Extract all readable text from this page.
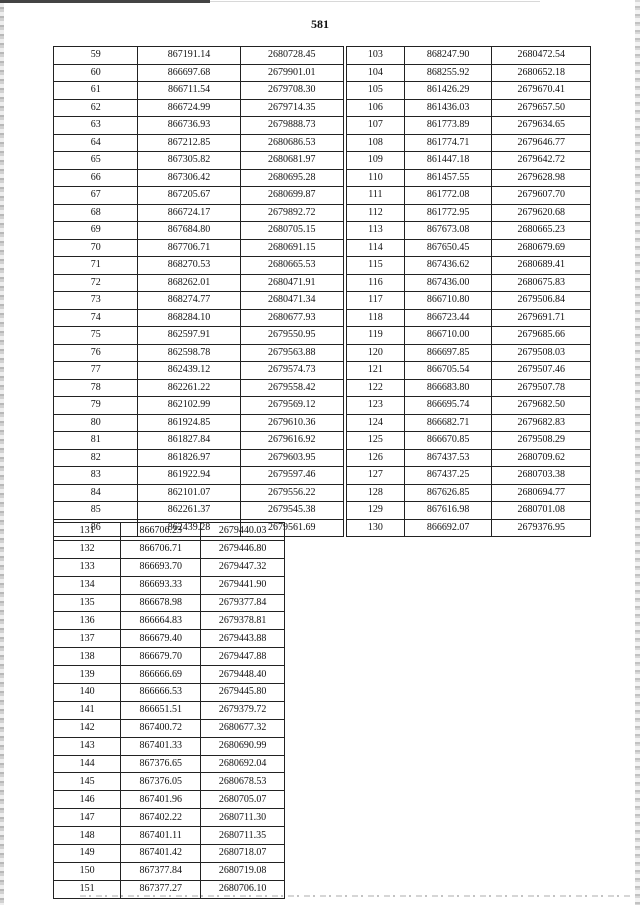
581
59	867191.14	2680728.45
60	866697.68	2679901.01
61	866711.54	2679708.30
62	866724.99	2679714.35
63	866736.93	2679888.73
64	867212.85	2680686.53
65	867305.82	2680681.97
66	867306.42	2680695.28
67	867205.67	2680699.87
68	866724.17	2679892.72
69	867684.80	2680705.15
70	867706.71	2680691.15
71	868270.53	2680665.53
72	868262.01	2680471.91
73	868274.77	2680471.34
74	868284.10	2680677.93
75	862597.91	2679550.95
76	862598.78	2679563.88
77	862439.12	2679574.73
78	862261.22	2679558.42
79	862102.99	2679569.12
80	861924.85	2679610.36
81	861827.84	2679616.92
82	861826.97	2679603.95
83	861922.94	2679597.46
84	862101.07	2679556.22
85	862261.37	2679545.38
86	862439.28	2679561.69
103	868247.90	2680472.54
104	868255.92	2680652.18
105	861426.29	2679670.41
106	861436.03	2679657.50
107	861773.89	2679634.65
108	861774.71	2679646.77
109	861447.18	2679642.72
110	861457.55	2679628.98
111	861772.08	2679607.70
112	861772.95	2679620.68
113	867673.08	2680665.23
114	867650.45	2680679.69
115	867436.62	2680689.41
116	867436.00	2680675.83
117	866710.80	2679506.84
118	866723.44	2679691.71
119	866710.00	2679685.66
120	866697.85	2679508.03
121	866705.54	2679507.46
122	866683.80	2679507.78
123	866695.74	2679682.50
124	866682.71	2679682.83
125	866670.85	2679508.29
126	867437.53	2680709.62
127	867437.25	2680703.38
128	867626.85	2680694.77
129	867616.98	2680701.08
130	866692.07	2679376.95
131	866706.23	2679440.03
132	866706.71	2679446.80
133	866693.70	2679447.32
134	866693.33	2679441.90
135	866678.98	2679377.84
136	866664.83	2679378.81
137	866679.40	2679443.88
138	866679.70	2679447.88
139	866666.69	2679448.40
140	866666.53	2679445.80
141	866651.51	2679379.72
142	867400.72	2680677.32
143	867401.33	2680690.99
144	867376.65	2680692.04
145	867376.05	2680678.53
146	867401.96	2680705.07
147	867402.22	2680711.30
148	867401.11	2680711.35
149	867401.42	2680718.07
150	867377.84	2680719.08
151	867377.27	2680706.10
